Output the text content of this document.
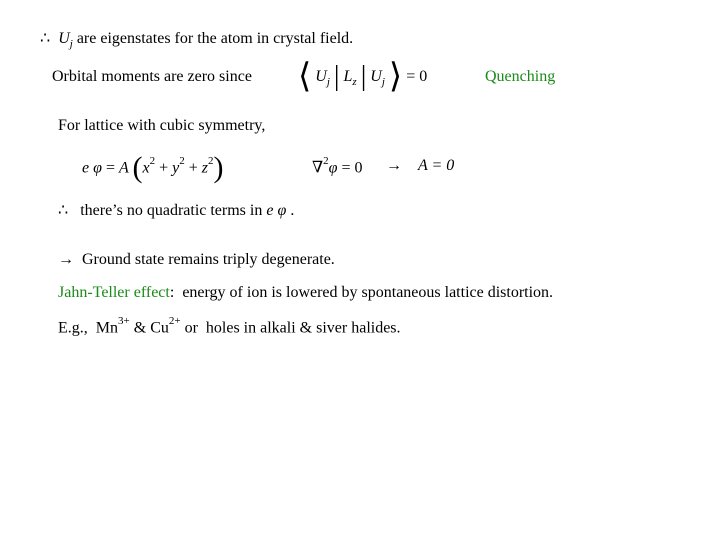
∴ $U_j$ are eigenstates for the atom in crystal field.
Orbital moments are zero since ⟨ $U_j$ | $L_z$ | $U_j$ ⟩ = 0	Quenching
For lattice with cubic symmetry,
e φ = A $(x^2 + y^2 + z^2)$	∇$^2$φ = 0 → A = 0
∴ there’s no quadratic terms in e φ .
→ Ground state remains triply degenerate.
Jahn-Teller effect: energy of ion is lowered by spontaneous lattice distortion.
E.g., $Mn^{3+}$ & $Cu^{2+}$ or  holes in alkali & siver halides.
